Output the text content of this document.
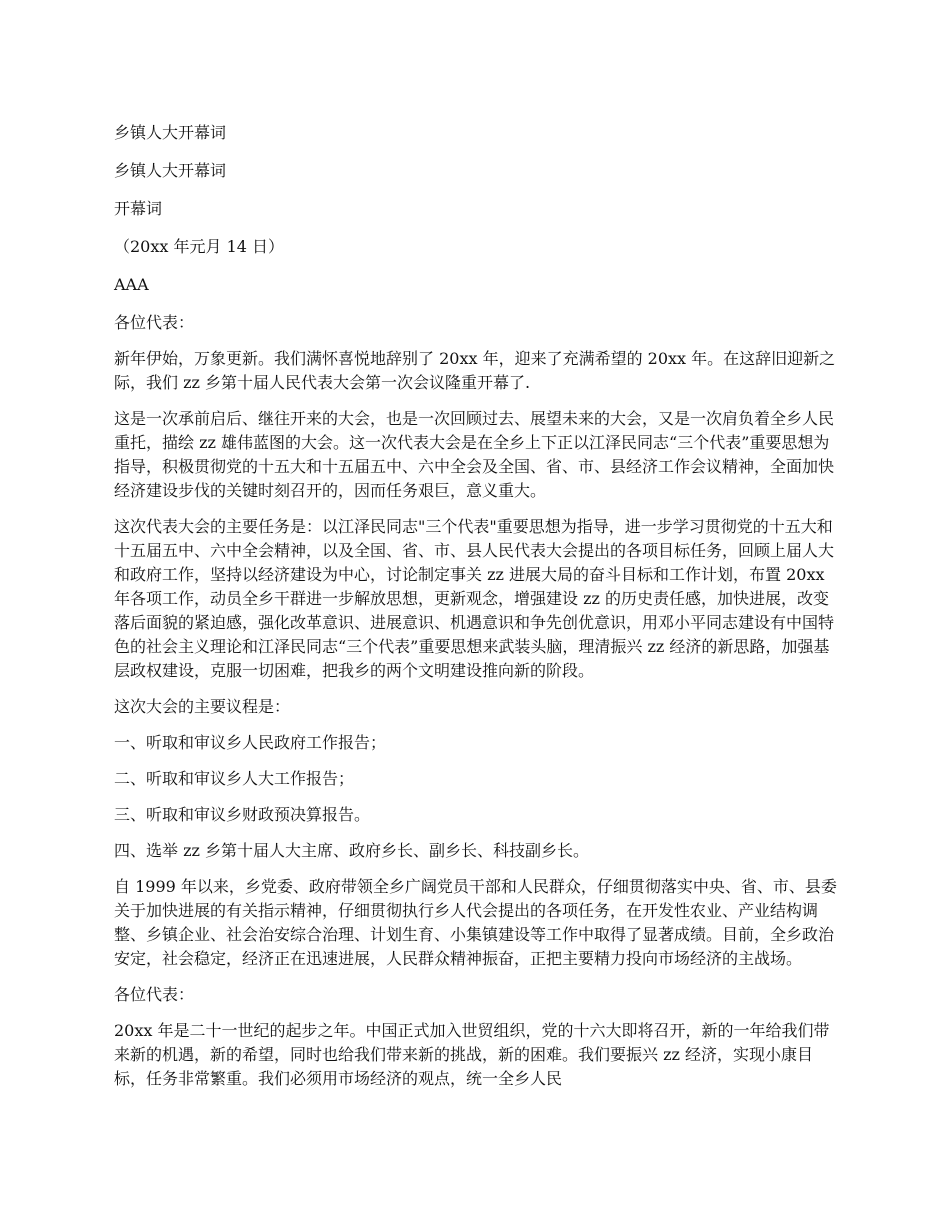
乡镇人大开幕词

乡镇人大开幕词

开幕词

（20xx 年元月 14 日）

AAA

各位代表：

新年伊始，万象更新。我们满怀喜悦地辞别了 20xx 年，迎来了充满希望的 20xx 年。在这辞旧迎新之际，我们 zz 乡第十届人民代表大会第一次会议隆重开幕了.

这是一次承前启后、继往开来的大会，也是一次回顾过去、展望未来的大会，又是一次肩负着全乡人民重托，描绘 zz 雄伟蓝图的大会。这一次代表大会是在全乡上下正以江泽民同志“三个代表”重要思想为指导，积极贯彻党的十五大和十五届五中、六中全会及全国、省、市、县经济工作会议精神，全面加快经济建设步伐的关键时刻召开的，因而任务艰巨，意义重大。

这次代表大会的主要任务是：以江泽民同志"三个代表"重要思想为指导，进一步学习贯彻党的十五大和十五届五中、六中全会精神，以及全国、省、市、县人民代表大会提出的各项目标任务，回顾上届人大和政府工作，坚持以经济建设为中心，讨论制定事关 zz 进展大局的奋斗目标和工作计划，布置 20xx 年各项工作，动员全乡干群进一步解放思想，更新观念，增强建设 zz 的历史责任感，加快进展，改变落后面貌的紧迫感，强化改革意识、进展意识、机遇意识和争先创优意识，用邓小平同志建设有中国特色的社会主义理论和江泽民同志“三个代表”重要思想来武装头脑，理清振兴 zz 经济的新思路，加强基层政权建设，克服一切困难，把我乡的两个文明建设推向新的阶段。

这次大会的主要议程是：

一、听取和审议乡人民政府工作报告；

二、听取和审议乡人大工作报告；

三、听取和审议乡财政预决算报告。

四、选举 zz 乡第十届人大主席、政府乡长、副乡长、科技副乡长。

自 1999 年以来，乡党委、政府带领全乡广阔党员干部和人民群众，仔细贯彻落实中央、省、市、县委关于加快进展的有关指示精神，仔细贯彻执行乡人代会提出的各项任务，在开发性农业、产业结构调整、乡镇企业、社会治安综合治理、计划生育、小集镇建设等工作中取得了显著成绩。目前，全乡政治安定，社会稳定，经济正在迅速进展，人民群众精神振奋，正把主要精力投向市场经济的主战场。

各位代表：

20xx 年是二十一世纪的起步之年。中国正式加入世贸组织，党的十六大即将召开，新的一年给我们带来新的机遇，新的希望，同时也给我们带来新的挑战，新的困难。我们要振兴 zz 经济，实现小康目标，任务非常繁重。我们必须用市场经济的观点，统一全乡人民
